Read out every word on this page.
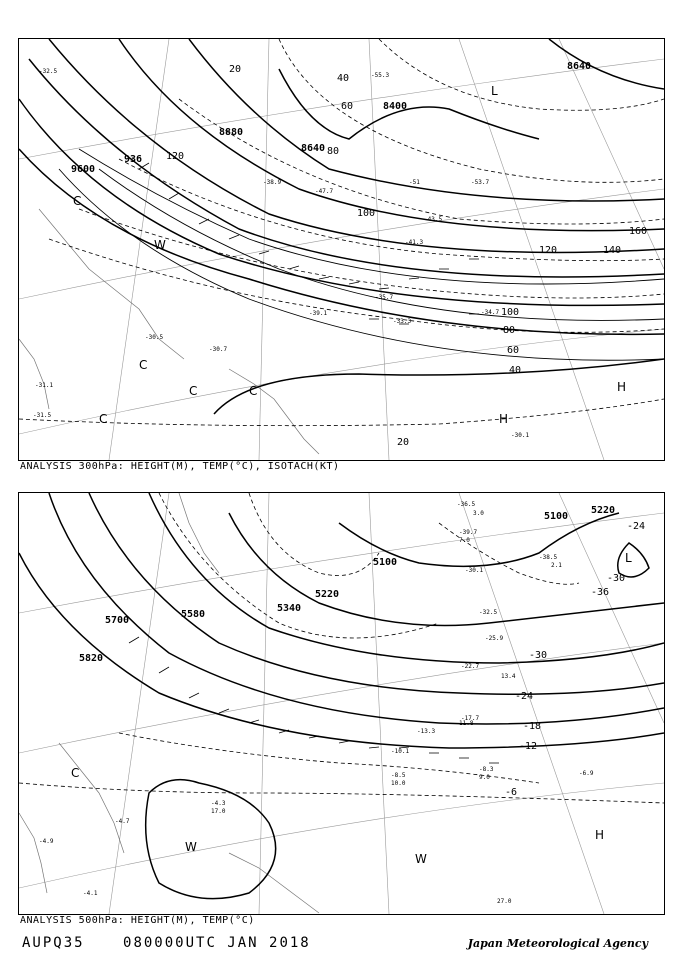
9600
936
8880
8640
8400
8640
120
100
80
60
40
20
140
160
120
100
80
60
40
20
-32.5
-31.5
-30.7
-30.5
-31.1
-38.9
-47.7
-41.3
-43.5
-51	-53.7
-55.3
-39.1
-35.7
-34.7
-33.3
-30.1
C
C
C	C
C
W
L
H
H
ANALYSIS 300hPa: HEIGHT(M), TEMP(°C), ISOTACH(KT)
5700
5820
5580
5220
5340
5100
5100
5220
-24
-30
-36
-30
-24
-18
-12
-6
-36.5
-39.7
-38.5
-30.1
-32.5
-25.9
-22.7
-17.7
-13.3
-10.1
-8.5
-8.3
-6.9
-4.3
-4.1
-4.7
-4.9
3.0
7.0
13.4
2.1
11.8
10.0
9.0
17.0
27.0
L
C
W
W
H
ANALYSIS 500hPa: HEIGHT(M), TEMP(°C)
AUPQ35	080000UTC JAN 2018	Japan Meteorological Agency
